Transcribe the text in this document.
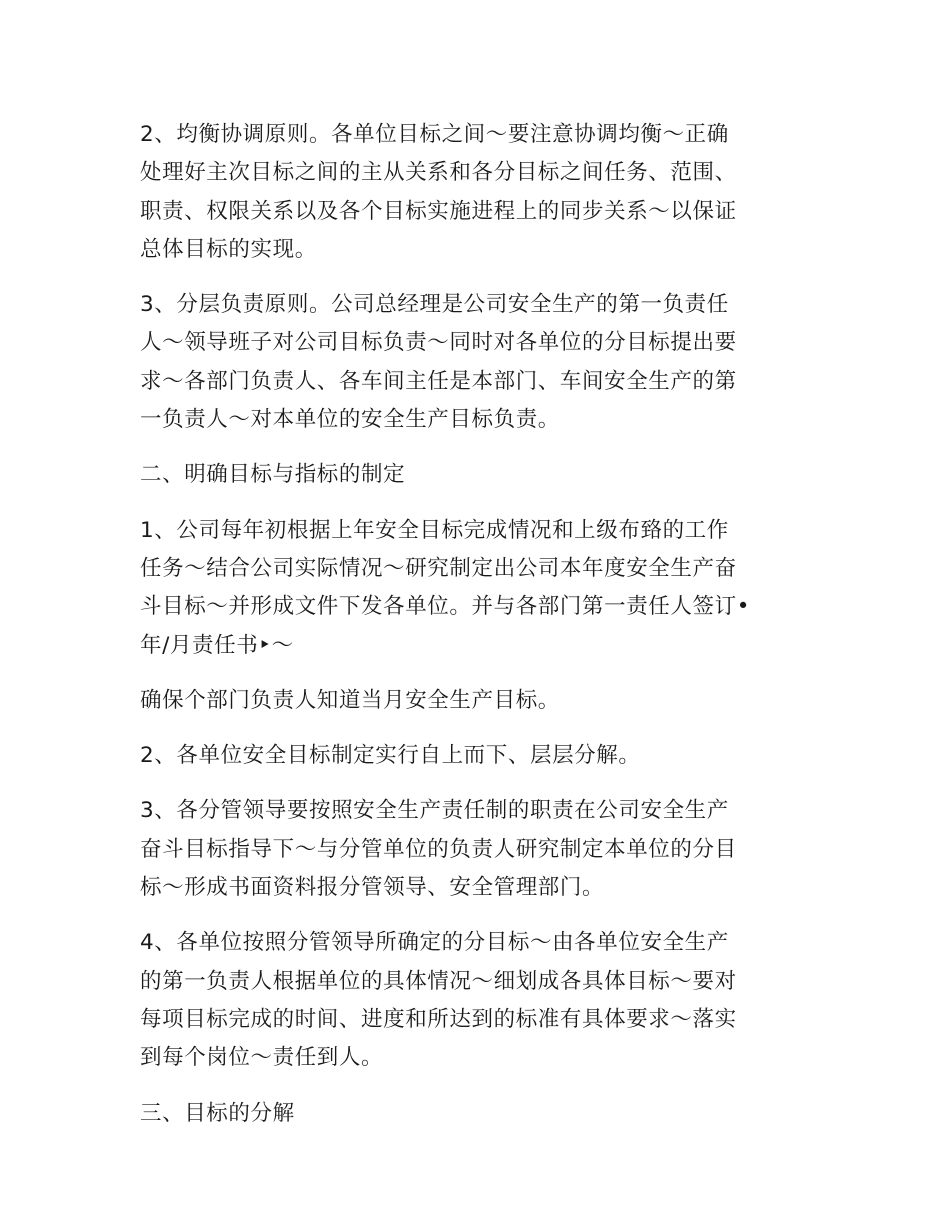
2、均衡协调原则。各单位目标之间～要注意协调均衡～正确
处理好主次目标之间的主从关系和各分目标之间任务、范围、
职责、权限关系以及各个目标实施进程上的同步关系～以保证
总体目标的实现。
3、分层负责原则。公司总经理是公司安全生产的第一负责任
人～领导班子对公司目标负责～同时对各单位的分目标提出要
求～各部门负责人、各车间主任是本部门、车间安全生产的第
一负责人～对本单位的安全生产目标负责。
二、明确目标与指标的制定
1、公司每年初根据上年安全目标完成情况和上级布臵的工作
任务～结合公司实际情况～研究制定出公司本年度安全生产奋
斗目标～并形成文件下发各单位。并与各部门第一责任人签订•
年/月责任书‣～
确保个部门负责人知道当月安全生产目标。
2、各单位安全目标制定实行自上而下、层层分解。
3、各分管领导要按照安全生产责任制的职责在公司安全生产
奋斗目标指导下～与分管单位的负责人研究制定本单位的分目
标～形成书面资料报分管领导、安全管理部门。
4、各单位按照分管领导所确定的分目标～由各单位安全生产
的第一负责人根据单位的具体情况～细划成各具体目标～要对
每项目标完成的时间、进度和所达到的标准有具体要求～落实
到每个岗位～责任到人。
三、目标的分解
